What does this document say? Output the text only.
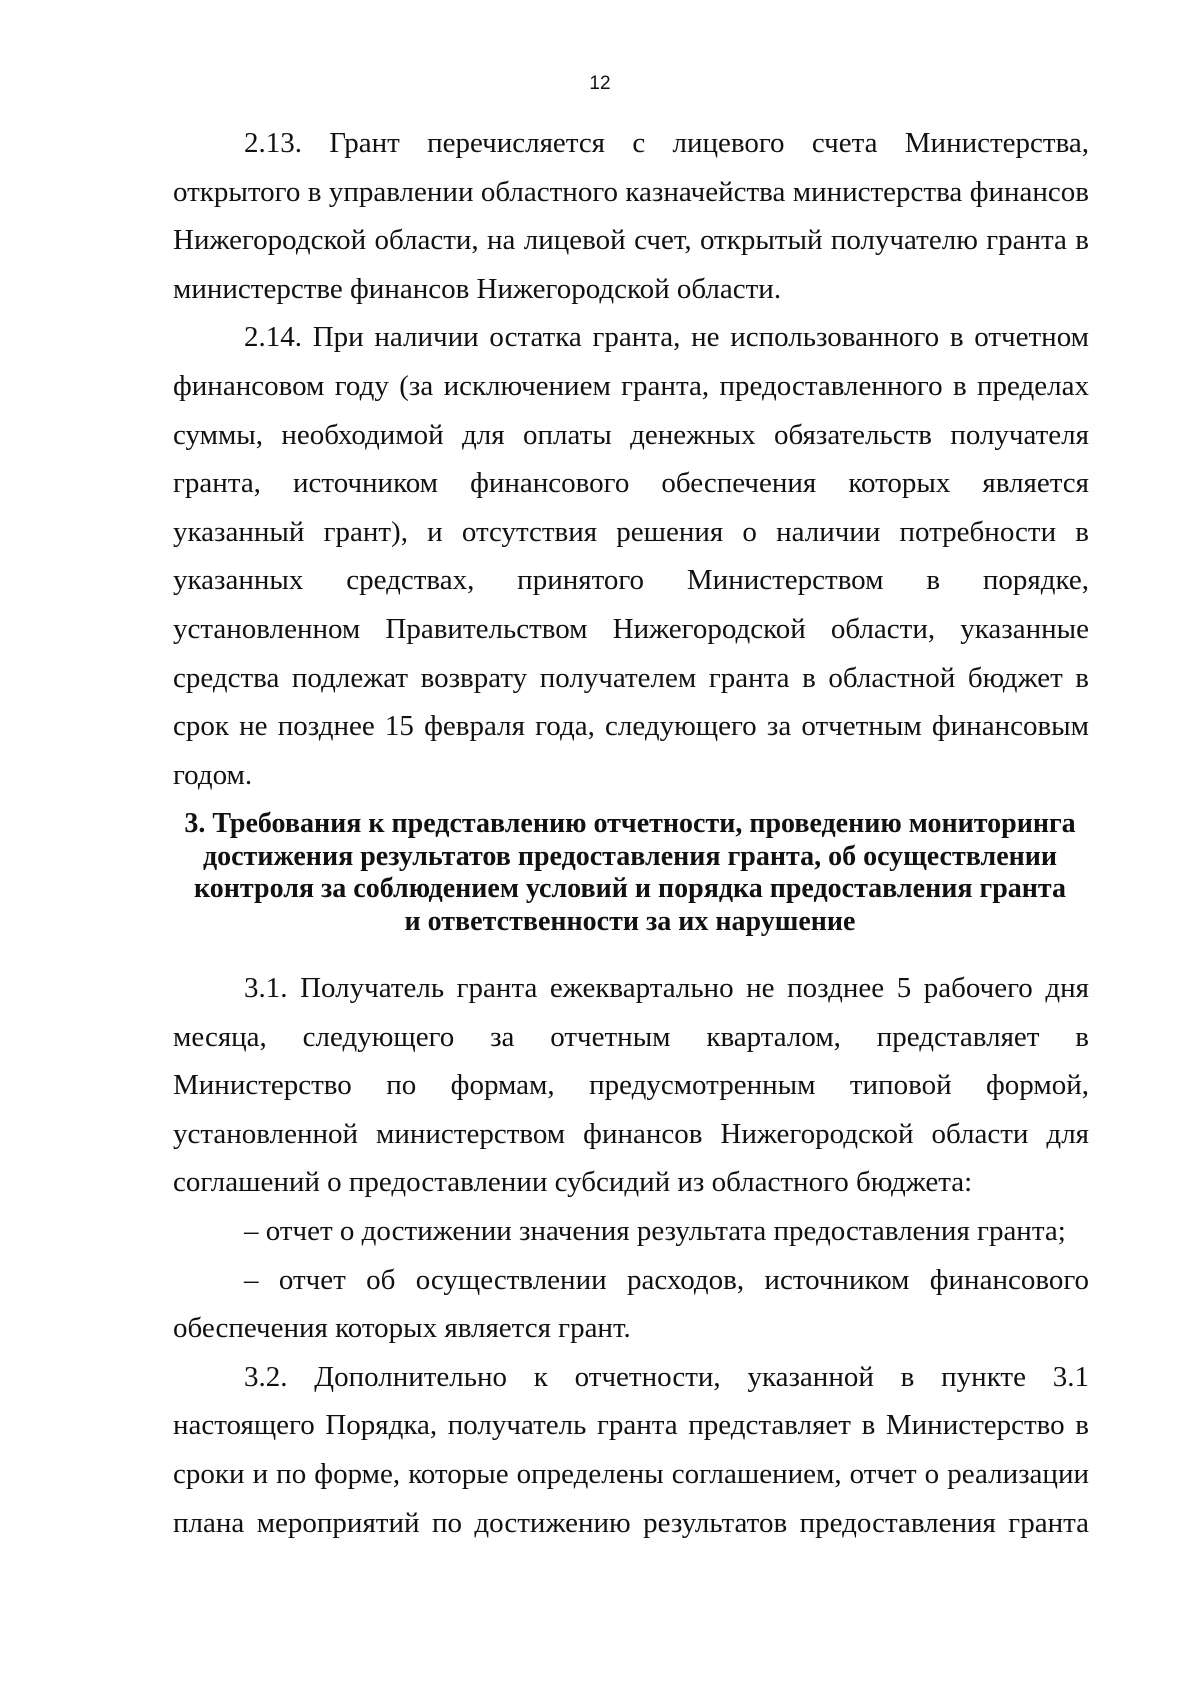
12

2.13. Грант перечисляется с лицевого счета Министерства, открытого в управлении областного казначейства министерства финансов Нижегородской области, на лицевой счет, открытый получателю гранта в министерстве финансов Нижегородской области.

2.14. При наличии остатка гранта, не использованного в отчетном финансовом году (за исключением гранта, предоставленного в пределах суммы, необходимой для оплаты денежных обязательств получателя гранта, источником финансового обеспечения которых является указанный грант), и отсутствия решения о наличии потребности в указанных средствах, принятого Министерством в порядке, установленном Правительством Нижегородской области, указанные средства подлежат возврату получателем гранта в областной бюджет в срок не позднее 15 февраля года, следующего за отчетным финансовым годом.

3. Требования к представлению отчетности, проведению мониторинга
достижения результатов предоставления гранта, об осуществлении
контроля за соблюдением условий и порядка предоставления гранта
и ответственности за их нарушение

3.1. Получатель гранта ежеквартально не позднее 5 рабочего дня месяца, следующего за отчетным кварталом, представляет в Министерство по формам, предусмотренным типовой формой, установленной министерством финансов Нижегородской области для соглашений о предоставлении субсидий из областного бюджета:

– отчет о достижении значения результата предоставления гранта;

– отчет об осуществлении расходов, источником финансового обеспечения которых является грант.

3.2. Дополнительно к отчетности, указанной в пункте 3.1 настоящего Порядка, получатель гранта представляет в Министерство в сроки и по форме, которые определены соглашением, отчет о реализации плана мероприятий по достижению результатов предоставления гранта
